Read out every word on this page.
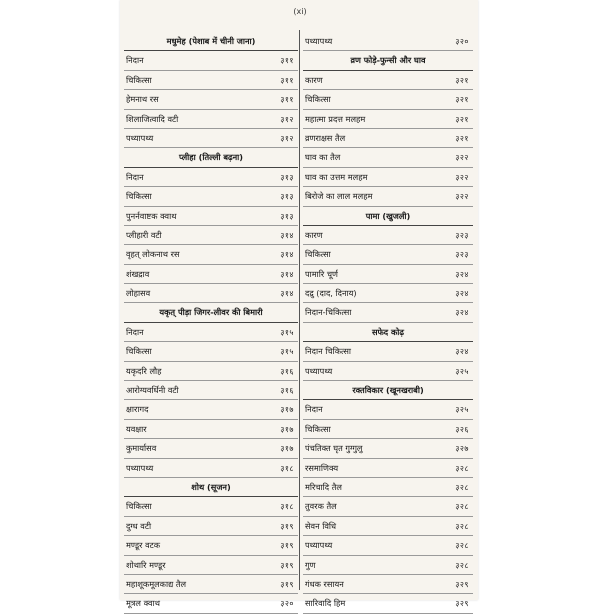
(xi)
मधुमेह (पेशाब में चीनी जाना)
निदान	३११
चिकित्सा	३११
हेमनाथ रस	३११
शिलाजित्वादि वटी	३१२
पथ्यापथ्य	३१२
प्लीहा (तिल्ली बढ़ना)
निदान	३१३
चिकित्सा	३१३
पुनर्नवाष्टक क्वाथ	३१३
प्लीहारी वटी	३१४
वृहत् लोकनाथ रस	३१४
शंखद्राव	३१४
लोहासव	३१४
यकृत् पीड़ा जिगर-लीवर की बिमारी
निदान	३१५
चिकित्सा	३१५
यकृदरि लौह	३१६
आरोग्यवर्धिनी वटी	३१६
क्षारागद	३१७
यवक्षार	३१७
कुमार्यासव	३१७
पथ्यापथ्य	३१८
शोथ (सूजन)
चिकित्सा	३१८
दुग्ध वटी	३१९
मण्डूर वटक	३१९
शोथारि मण्डूर	३१९
महाशूकमूलकाद्य तैल	३१९
मूत्रल क्वाथ	३२०
पथ्यापथ्य	३२०
व्रण फोड़े-फुन्सी और घाव
कारण	३२१
चिकित्सा	३२१
महात्मा प्रदत्त मलहम	३२१
व्रणराक्षस तैल	३२१
घाव का तैल	३२२
घाव का उत्तम मलहम	३२२
बिरोजे का लाल मलहम	३२२
पामा (खुजली)
कारण	३२३
चिकित्सा	३२३
पामारि चूर्ण	३२४
दद्रु (दाद, दिनाय)	३२४
निदान-चिकित्सा	३२४
सफेद कोढ़
निदान चिकित्सा	३२४
पथ्यापथ्य	३२५
रक्तविकार (खूनखराबी)
निदान	३२५
चिकित्सा	३२६
पंचतिक्त घृत गुग्गुलु	३२७
रसमाणिक्य	३२८
मरिचादि तैल	३२८
तुवरक तैल	३२८
सेवन विधि	३२८
पथ्यापथ्य	३२८
गुण	३२८
गंधक रसायन	३२९
सारिवादि हिम	३२९
